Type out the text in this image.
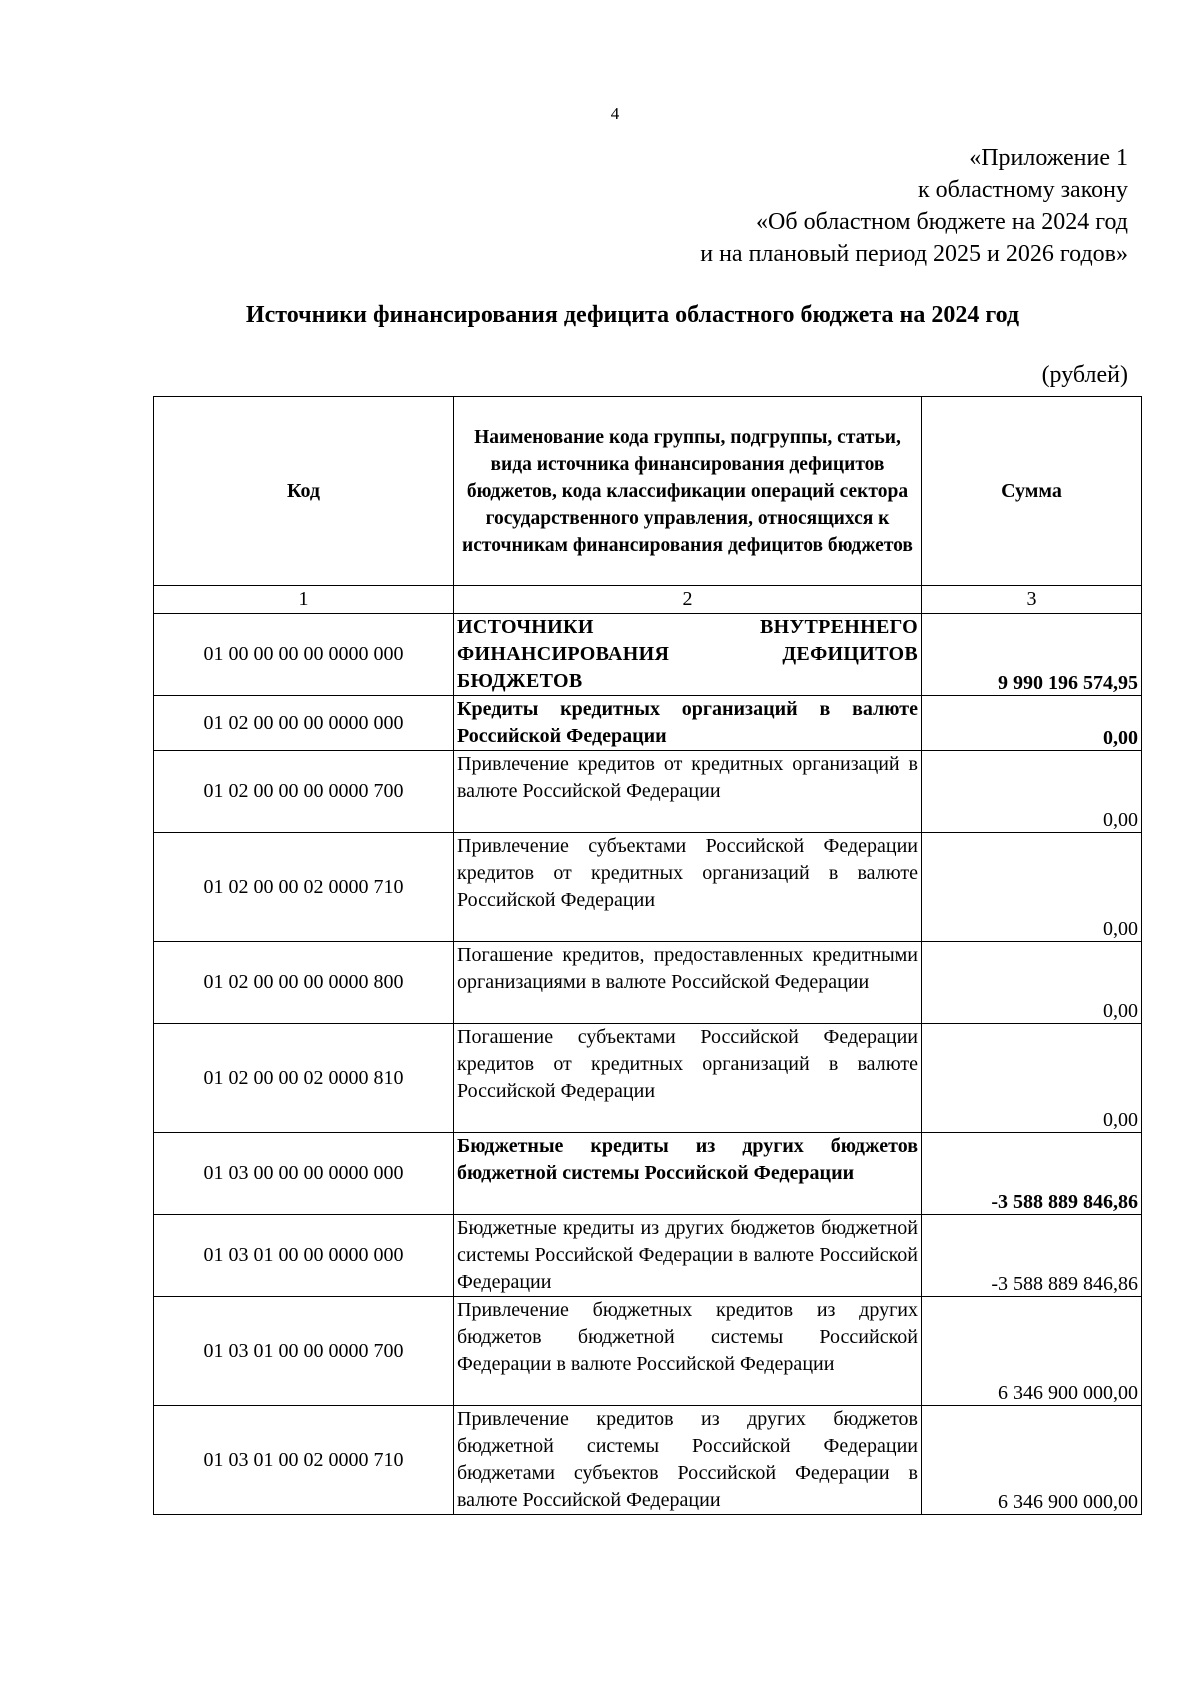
4
«Приложение 1
к областному закону
«Об областном бюджете на 2024 год
и на плановый период 2025 и 2026 годов»
Источники финансирования дефицита областного бюджета на 2024 год
(рублей)
Код	Наименование кода группы, подгруппы, статьи, вида источника финансирования дефицитов бюджетов, кода классификации операций сектора государственного управления, относящихся к источникам финансирования дефицитов бюджетов	Сумма
1	2	3
01 00 00 00 00 0000 000	ИСТОЧНИКИ ВНУТРЕННЕГО ФИНАНСИРОВАНИЯ ДЕФИЦИТОВ БЮДЖЕТОВ	9 990 196 574,95
01 02 00 00 00 0000 000	Кредиты кредитных организаций в валюте Российской Федерации	0,00
01 02 00 00 00 0000 700	Привлечение кредитов от кредитных организаций в валюте Российской Федерации	0,00
01 02 00 00 02 0000 710	Привлечение субъектами Российской Федерации кредитов от кредитных организаций в валюте Российской Федерации	0,00
01 02 00 00 00 0000 800	Погашение кредитов, предоставленных кредитными организациями в валюте Российской Федерации	0,00
01 02 00 00 02 0000 810	Погашение субъектами Российской Федерации кредитов от кредитных организаций в валюте Российской Федерации	0,00
01 03 00 00 00 0000 000	Бюджетные кредиты из других бюджетов бюджетной системы Российской Федерации	-3 588 889 846,86
01 03 01 00 00 0000 000	Бюджетные кредиты из других бюджетов бюджетной системы Российской Федерации в валюте Российской Федерации	-3 588 889 846,86
01 03 01 00 00 0000 700	Привлечение бюджетных кредитов из других бюджетов бюджетной системы Российской Федерации в валюте Российской Федерации	6 346 900 000,00
01 03 01 00 02 0000 710	Привлечение кредитов из других бюджетов бюджетной системы Российской Федерации бюджетами субъектов Российской Федерации в валюте Российской Федерации	6 346 900 000,00
